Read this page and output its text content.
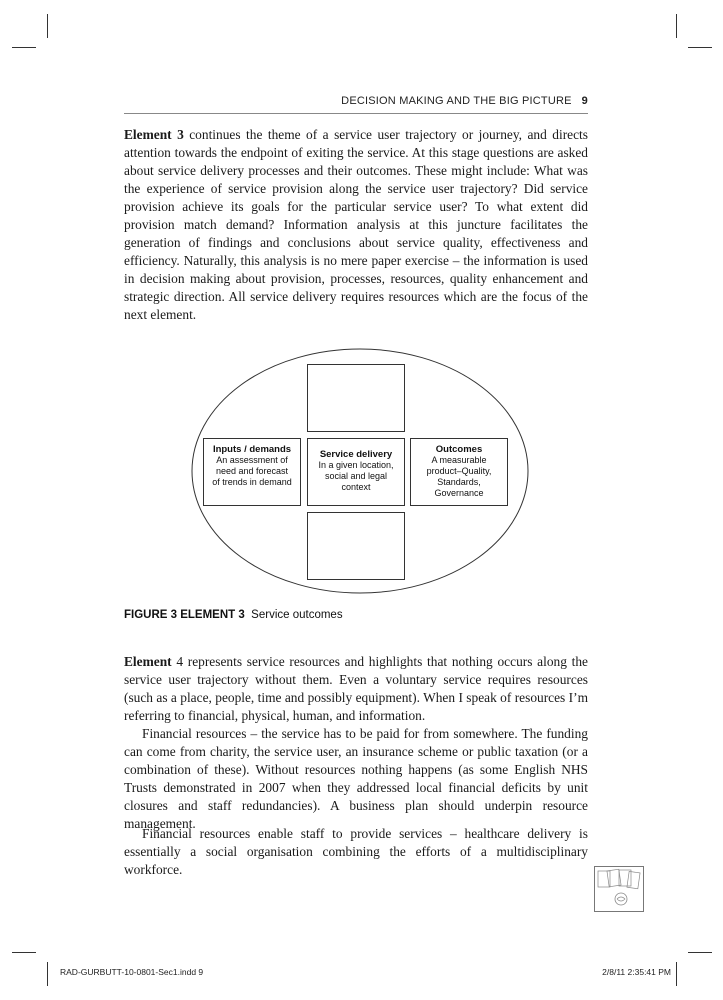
DECISION MAKING AND THE BIG PICTURE 9

Element 3 continues the theme of a service user trajectory or journey, and directs attention towards the endpoint of exiting the service. At this stage questions are asked about service delivery processes and their outcomes. These might include: What was the experience of service provision along the service user trajectory? Did service provision achieve its goals for the particular service user? To what extent did provision match demand? Information analysis at this juncture facilitates the generation of findings and conclusions about service quality, effectiveness and efficiency. Naturally, this analysis is no mere paper exercise – the information is used in decision making about provision, processes, resources, quality enhancement and strategic direction. All service delivery requires resources which are the focus of the next element.

Inputs / demands
An assessment of need and forecast of trends in demand
Service delivery
In a given location, social and legal context
Outcomes
A measurable product–Quality, Standards, Governance
FIGURE 3 ELEMENT 3 Service outcomes

Element 4 represents service resources and highlights that nothing occurs along the service user trajectory without them. Even a voluntary service requires resources (such as a place, people, time and possibly equipment). When I speak of resources I’m referring to financial, physical, human, and information.

Financial resources – the service has to be paid for from somewhere. The funding can come from charity, the service user, an insurance scheme or public taxation (or a combination of these). Without resources nothing happens (as some English NHS Trusts demonstrated in 2007 when they addressed local financial deficits by unit closures and staff redundancies). A business plan should underpin resource management.

Financial resources enable staff to provide services – healthcare delivery is essentially a social organisation combining the efforts of a multidisciplinary workforce.

RAD-GURBUTT-10-0801-Sec1.indd 9	2/8/11 2:35:41 PM
